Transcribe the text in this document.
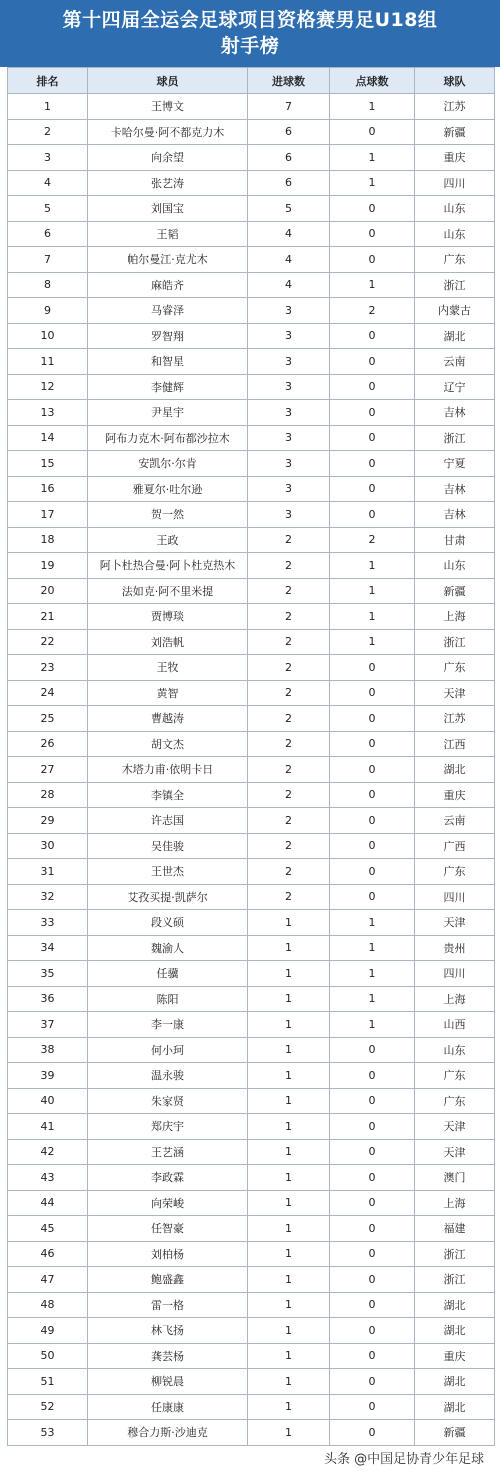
第十四届全运会足球项目资格赛男足U18组
射手榜
排名	球员	进球数	点球数	球队
1	王博文	7	1	江苏
2	卡哈尔曼·阿不都克力木	6	0	新疆
3	向余望	6	1	重庆
4	张艺涛	6	1	四川
5	刘国宝	5	0	山东
6	王韬	4	0	山东
7	帕尔曼江·克尤木	4	0	广东
8	麻皓齐	4	1	浙江
9	马睿泽	3	2	内蒙古
10	罗智翔	3	0	湖北
11	和智星	3	0	云南
12	李健辉	3	0	辽宁
13	尹星宇	3	0	吉林
14	阿布力克木·阿布都沙拉木	3	0	浙江
15	安凯尔·尔肯	3	0	宁夏
16	雅夏尔·吐尔逊	3	0	吉林
17	贺一然	3	0	吉林
18	王政	2	2	甘肃
19	阿卜杜热合曼·阿卜杜克热木	2	1	山东
20	法如克·阿不里米提	2	1	新疆
21	贾博琰	2	1	上海
22	刘浩帆	2	1	浙江
23	王牧	2	0	广东
24	黄智	2	0	天津
25	曹越涛	2	0	江苏
26	胡文杰	2	0	江西
27	木塔力甫·依明卡日	2	0	湖北
28	李镇全	2	0	重庆
29	许志国	2	0	云南
30	吴佳骏	2	0	广西
31	王世杰	2	0	广东
32	艾孜买提·凯萨尔	2	0	四川
33	段义硕	1	1	天津
34	魏渝人	1	1	贵州
35	任骥	1	1	四川
36	陈阳	1	1	上海
37	李一康	1	1	山西
38	何小珂	1	0	山东
39	温永骏	1	0	广东
40	朱家贤	1	0	广东
41	郑庆宇	1	0	天津
42	王艺涵	1	0	天津
43	李政霖	1	0	澳门
44	向荣峻	1	0	上海
45	任智豪	1	0	福建
46	刘柏杨	1	0	浙江
47	鲍盛鑫	1	0	浙江
48	雷一格	1	0	湖北
49	林飞扬	1	0	湖北
50	龚芸杨	1	0	重庆
51	柳锐晨	1	0	湖北
52	任康康	1	0	湖北
53	穆合力斯·沙迪克	1	0	新疆
头条 @中国足协青少年足球
